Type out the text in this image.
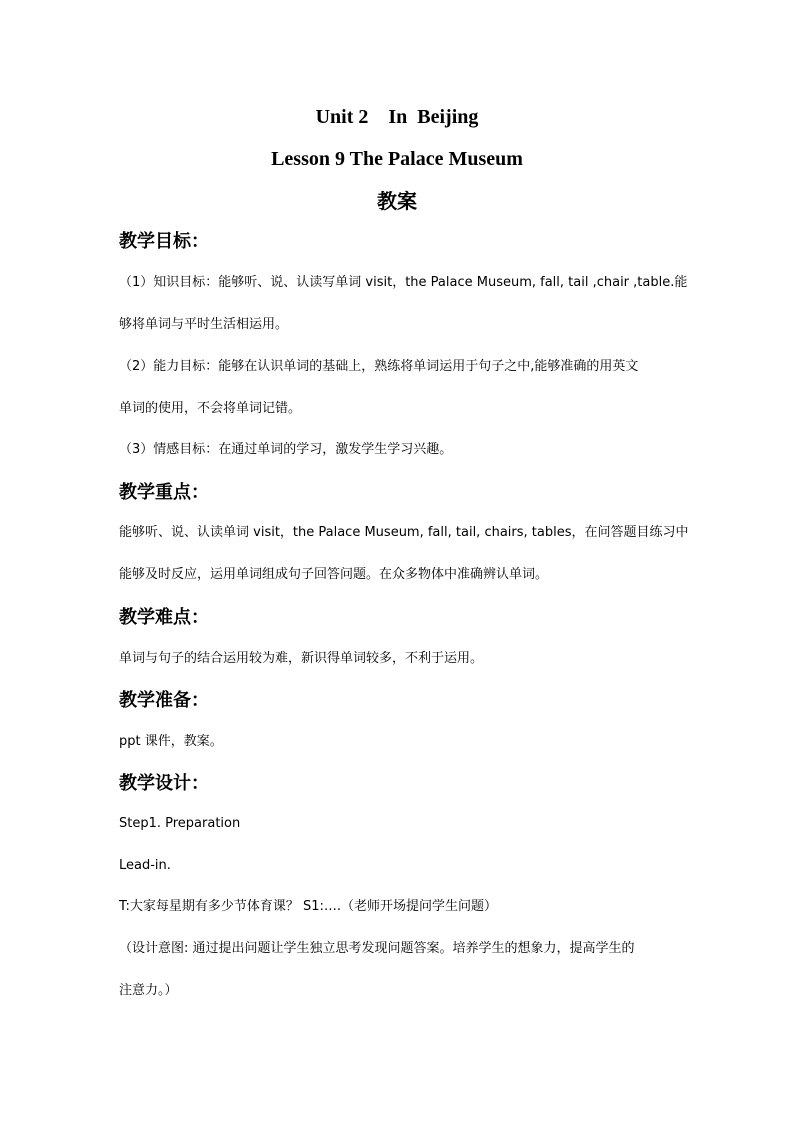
Unit 2    In  Beijing
Lesson 9 The Palace Museum
教案
教学目标：
（1）知识目标：能够听、说、认读写单词 visit，the Palace Museum, fall, tail ,chair ,table.能
够将单词与平时生活相运用。
（2）能力目标：能够在认识单词的基础上，熟练将单词运用于句子之中,能够准确的用英文
单词的使用，不会将单词记错。
（3）情感目标：在通过单词的学习，激发学生学习兴趣。
教学重点：
能够听、说、认读单词 visit，the Palace Museum, fall, tail, chairs, tables，在问答题目练习中
能够及时反应，运用单词组成句子回答问题。在众多物体中准确辨认单词。
教学难点：
单词与句子的结合运用较为难，新识得单词较多，不利于运用。
教学准备：
ppt 课件，教案。
教学设计：
Step1. Preparation
Lead-in.
T:大家每星期有多少节体育课？ S1:….（老师开场提问学生问题）
（设计意图: 通过提出问题让学生独立思考发现问题答案。培养学生的想象力，提高学生的
注意力。）
